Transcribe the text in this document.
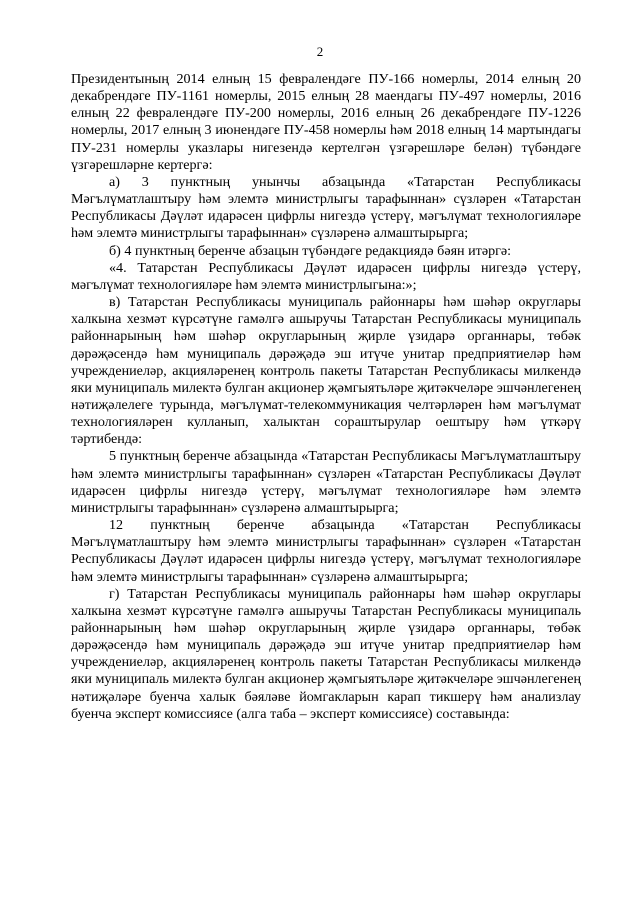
2

Президентының 2014 елның 15 февралендәге ПУ-166 номерлы, 2014 елның 20 декабрендәге ПУ-1161 номерлы, 2015 елның 28 маендагы ПУ-497 номерлы, 2016 елның 22 февралендәге ПУ-200 номерлы, 2016 елның 26 декабрендәге ПУ-1226 номерлы, 2017 елның 3 июнендәге ПУ-458 номерлы һәм 2018 елның 14 мартындагы ПУ-231 номерлы указлары нигезендә кертелгән үзгәрешләре белән) түбәндәге үзгәрешләрне кертергә:

а) 3 пунктның унынчы абзацында «Татарстан Республикасы Мәгълүматлаштыру һәм элемтә министрлыгы тарафыннан» сүзләрен «Татарстан Республикасы Дәүләт идарәсен цифрлы нигездә үстерү, мәгълүмат технологияләре һәм элемтә министрлыгы тарафыннан» сүзләренә алмаштырырга;

б) 4 пунктның беренче абзацын түбәндәге редакциядә бәян итәргә:

«4. Татарстан Республикасы Дәүләт идарәсен цифрлы нигездә үстерү, мәгълүмат технологияләре һәм элемтә министрлыгына:»;

в) Татарстан Республикасы муниципаль районнары һәм шәһәр округлары халкына хезмәт күрсәтүне гамәлгә ашыручы Татарстан Республикасы муниципаль районнарының һәм шәһәр округларының җирле үзидарә органнары, төбәк дәрәҗәсендә һәм муниципаль дәрәҗәдә эш итүче унитар предприятиеләр һәм учреждениеләр, акцияләренең контроль пакеты Татарстан Республикасы милкендә яки муниципаль милектә булган акционер җәмгыятьләре җитәкчеләре эшчәнлегенең нәтиҗәлелеге турында, мәгълүмат-телекоммуникация челтәрләрен һәм мәгълүмат технологияләрен кулланып, халыктан сораштырулар оештыру һәм үткәрү тәртибендә:

5 пунктның беренче абзацында «Татарстан Республикасы Мәгълүматлаштыру һәм элемтә министрлыгы тарафыннан» сүзләрен «Татарстан Республикасы Дәүләт идарәсен цифрлы нигездә үстерү, мәгълүмат технологияләре һәм элемтә министрлыгы тарафыннан» сүзләренә алмаштырырга;

12 пунктның беренче абзацында «Татарстан Республикасы Мәгълүматлаштыру һәм элемтә министрлыгы тарафыннан» сүзләрен «Татарстан Республикасы Дәүләт идарәсен цифрлы нигездә үстерү, мәгълүмат технологияләре һәм элемтә министрлыгы тарафыннан» сүзләренә алмаштырырга;

г) Татарстан Республикасы муниципаль районнары һәм шәһәр округлары халкына хезмәт күрсәтүне гамәлгә ашыручы Татарстан Республикасы муниципаль районнарының һәм шәһәр округларының җирле үзидарә органнары, төбәк дәрәҗәсендә һәм муниципаль дәрәҗәдә эш итүче унитар предприятиеләр һәм учреждениеләр, акцияләренең контроль пакеты Татарстан Республикасы милкендә яки муниципаль милектә булган акционер җәмгыятьләре җитәкчеләре эшчәнлегенең нәтиҗәләре буенча халык бәяләве йомгакларын карап тикшерү һәм анализлау буенча эксперт комиссиясе (алга таба – эксперт комиссиясе) составында:
